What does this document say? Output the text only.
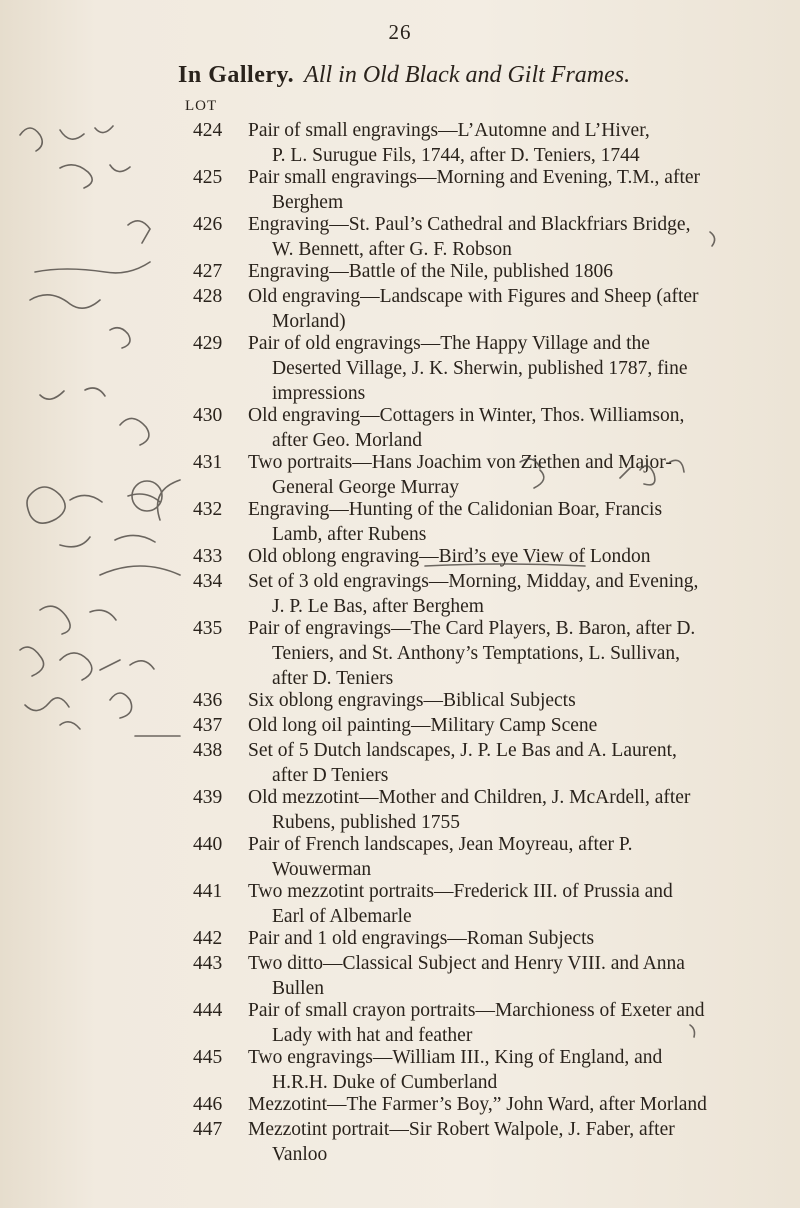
26
In Gallery. All in Old Black and Gilt Frames.
LOT
424	Pair of small engravings—L’Automne and L’Hiver,
P. L. Surugue Fils, 1744, after D. Teniers, 1744
425	Pair small engravings—Morning and Evening, T.M., after
Berghem
426	Engraving—St. Paul’s Cathedral and Blackfriars Bridge,
W. Bennett, after G. F. Robson
427	Engraving—Battle of the Nile, published 1806
428	Old engraving—Landscape with Figures and Sheep (after
Morland)
429	Pair of old engravings—The Happy Village and the
Deserted Village, J. K. Sherwin, published 1787, fine
impressions
430	Old engraving—Cottagers in Winter, Thos. Williamson,
after Geo. Morland
431	Two portraits—Hans Joachim von Ziethen and Major-
General George Murray
432	Engraving—Hunting of the Calidonian Boar, Francis
Lamb, after Rubens
433	Old oblong engraving—Bird’s eye View of London
434	Set of 3 old engravings—Morning, Midday, and Evening,
J. P. Le Bas, after Berghem
435	Pair of engravings—The Card Players, B. Baron, after D.
Teniers, and St. Anthony’s Temptations, L. Sullivan,
after D. Teniers
436	Six oblong engravings—Biblical Subjects
437	Old long oil painting—Military Camp Scene
438	Set of 5 Dutch landscapes, J. P. Le Bas and A. Laurent,
after D Teniers
439	Old mezzotint—Mother and Children, J. McArdell, after
Rubens, published 1755
440	Pair of French landscapes, Jean Moyreau, after P.
Wouwerman
441	Two mezzotint portraits—Frederick III. of Prussia and
Earl of Albemarle
442	Pair and 1 old engravings—Roman Subjects
443	Two ditto—Classical Subject and Henry VIII. and Anna
Bullen
444	Pair of small crayon portraits—Marchioness of Exeter and
Lady with hat and feather
445	Two engravings—William III., King of England, and
H.R.H. Duke of Cumberland
446	Mezzotint—The Farmer’s Boy,” John Ward, after Morland
447	Mezzotint portrait—Sir Robert Walpole, J. Faber, after
Vanloo
